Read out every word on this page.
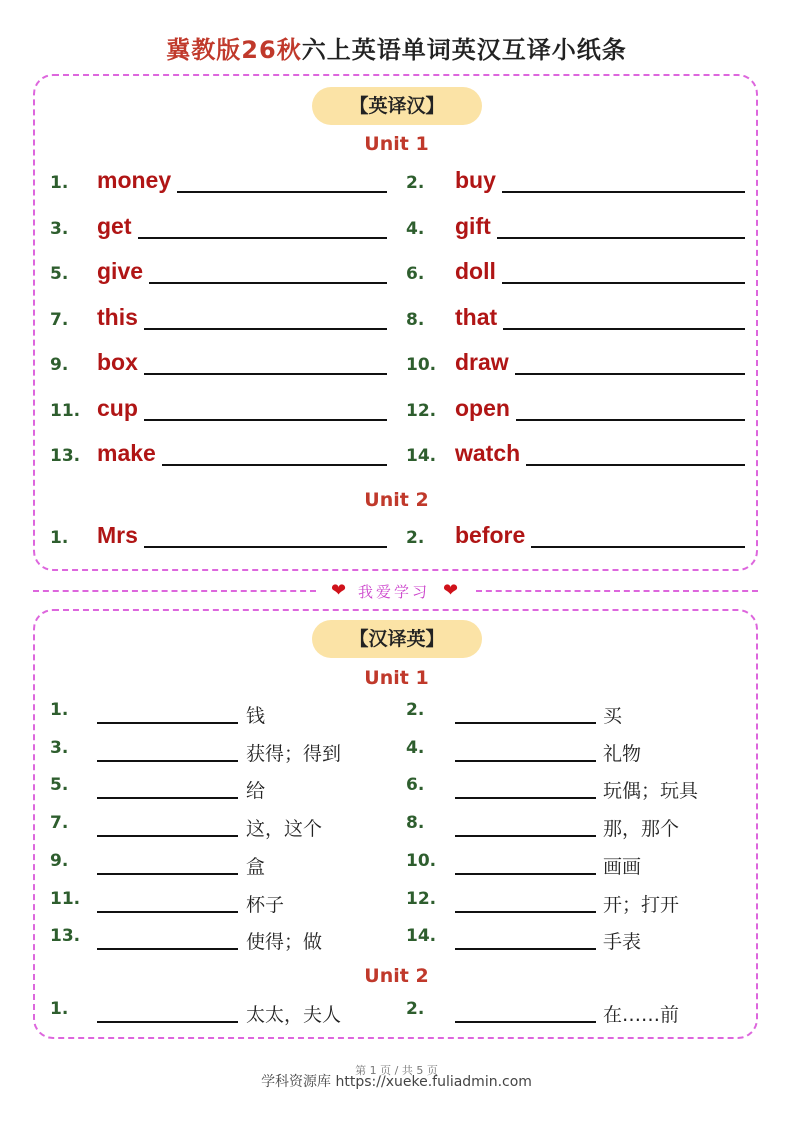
冀教版26秋六上英语单词英汉互译小纸条
【英译汉】
Unit 1
1. money	2. buy
3. get	4. gift
5. give	6. doll
7. this	8. that
9. box	10. draw
11. cup	12. open
13. make	14. watch
Unit 2
1. Mrs	2. before
❤ 我爱学习 ❤
【汉译英】
Unit 1
1.	钱	2.	买
3.	获得；得到	4.	礼物
5.	给	6.	玩偶；玩具
7.	这，这个	8.	那，那个
9.	盒	10.	画画
11.	杯子	12.	开；打开
13.	使得；做	14.	手表
Unit 2
1.	太太，夫人	2.	在……前
第 1 页 / 共 5 页
学科资源库 https://xueke.fuliadmin.com
